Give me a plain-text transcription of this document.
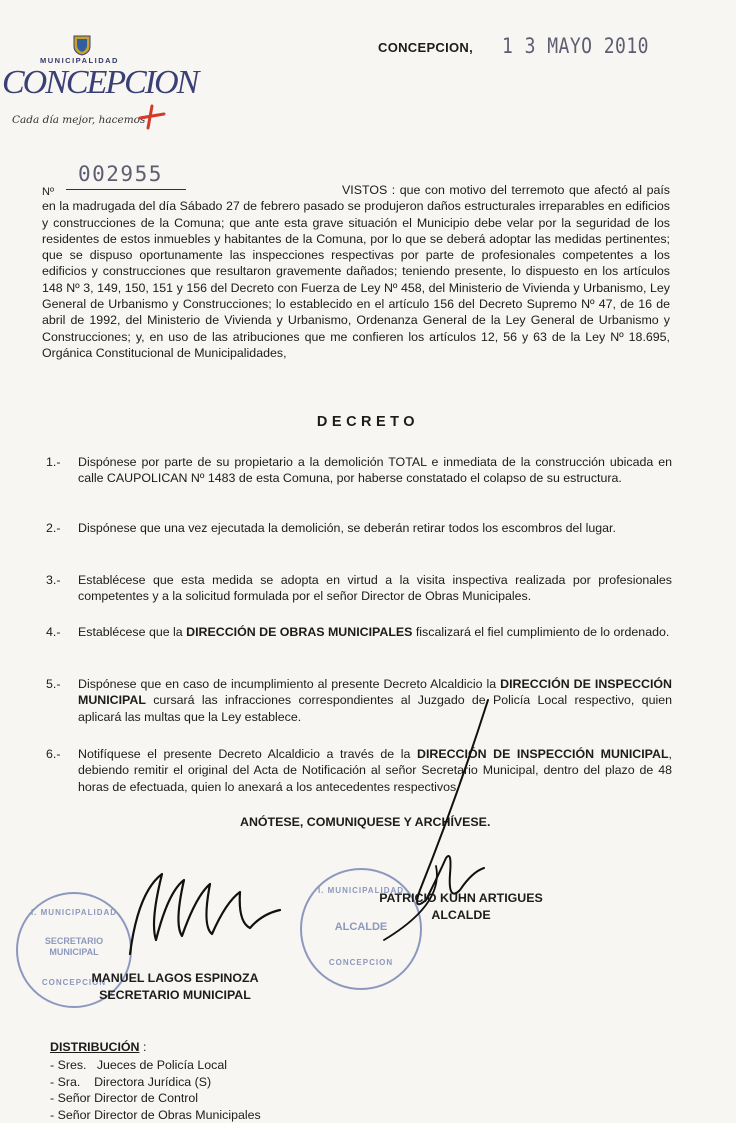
MUNICIPALIDAD
CONCEPCION
Cada día mejor, hacemos
CONCEPCION, 1 3 MAYO 2010
002955
Nº	VISTOS : que con motivo del terremoto que afectó al país en la madrugada del día Sábado 27 de febrero pasado se produjeron daños estructurales irreparables en edificios y construcciones de la Comuna; que ante esta grave situación el Municipio debe velar por la seguridad de los residentes de estos inmuebles y habitantes de la Comuna, por lo que se deberá adoptar las medidas pertinentes; que se dispuso oportunamente las inspecciones respectivas por parte de profesionales competentes a los edificios y construcciones que resultaron gravemente dañados; teniendo presente, lo dispuesto en los artículos 148 Nº 3, 149, 150, 151 y 156 del Decreto con Fuerza de Ley Nº 458, del Ministerio de Vivienda y Urbanismo, Ley General de Urbanismo y Construcciones; lo establecido en el artículo 156 del Decreto Supremo Nº 47, de 16 de abril de 1992, del Ministerio de Vivienda y Urbanismo, Ordenanza General de la Ley General de Urbanismo y Construcciones; y, en uso de las atribuciones que me confieren los artículos 12, 56 y 63 de la Ley Nº 18.695, Orgánica Constitucional de Municipalidades,
DECRETO
1.- Dispónese por parte de su propietario a la demolición TOTAL e inmediata de la construcción ubicada en calle CAUPOLICAN Nº 1483 de esta Comuna, por haberse constatado el colapso de su estructura.
2.- Dispónese que una vez ejecutada la demolición, se deberán retirar todos los escombros del lugar.
3.- Establécese que esta medida se adopta en virtud a la visita inspectiva realizada por profesionales competentes y a la solicitud formulada por el señor Director de Obras Municipales.
4.- Establécese que la DIRECCIÓN DE OBRAS MUNICIPALES fiscalizará el fiel cumplimiento de lo ordenado.
5.- Dispónese que en caso de incumplimiento al presente Decreto Alcaldicio la DIRECCIÓN DE INSPECCIÓN MUNICIPAL cursará las infracciones correspondientes al Juzgado de Policía Local respectivo, quien aplicará las multas que la Ley establece.
6.- Notifíquese el presente Decreto Alcaldicio a través de la DIRECCIÓN DE INSPECCIÓN MUNICIPAL, debiendo remitir el original del Acta de Notificación al señor Secretario Municipal, dentro del plazo de 48 horas de efectuada, quien lo anexará a los antecedentes respectivos.
ANÓTESE, COMUNIQUESE Y ARCHÍVESE.
I. MUNICIPALIDAD
SECRETARIO MUNICIPAL
CONCEPCION
I. MUNICIPALIDAD
ALCALDE
CONCEPCION
PATRICIO KUHN ARTIGUES
ALCALDE
MANUEL LAGOS ESPINOZA
SECRETARIO MUNICIPAL
DISTRIBUCIÓN :
- Sres.   Jueces de Policía Local
- Sra.    Directora Jurídica (S)
- Señor Director de Control
- Señor Director de Obras Municipales
